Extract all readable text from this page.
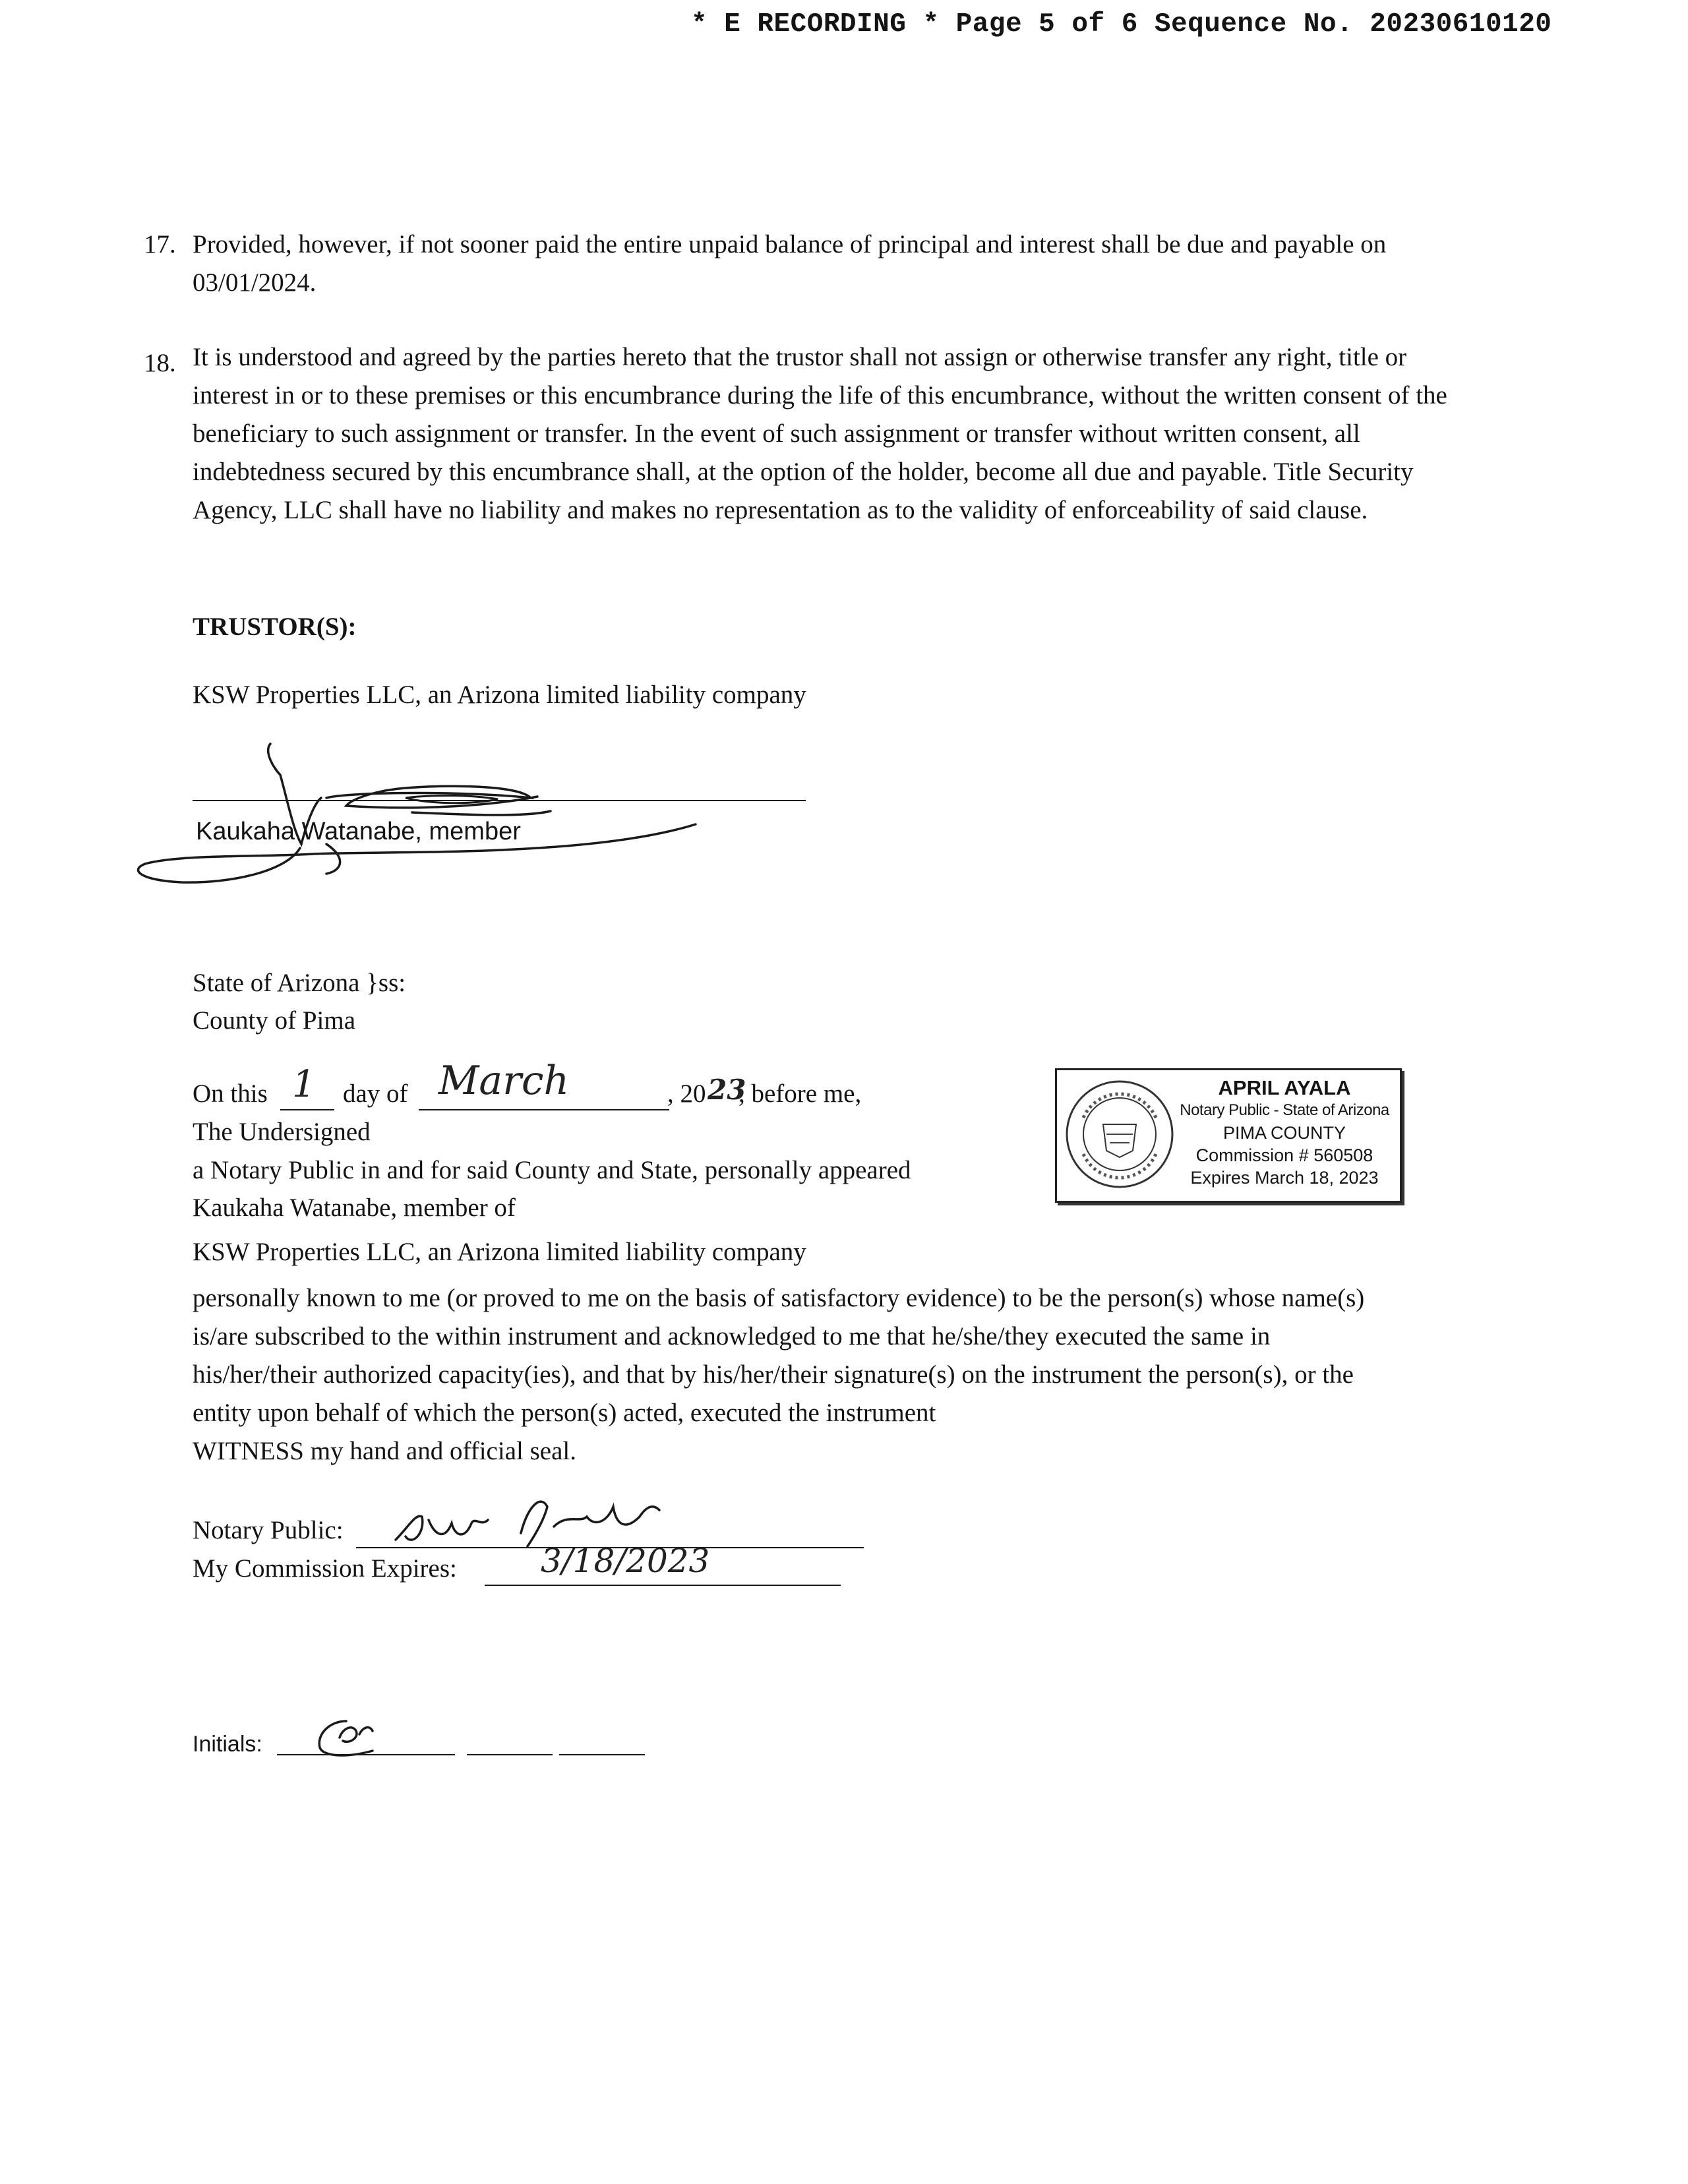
* E RECORDING * Page 5 of 6 Sequence No. 20230610120
17. Provided, however, if not sooner paid the entire unpaid balance of principal and interest shall be due and payable on 03/01/2024.
18. It is understood and agreed by the parties hereto that the trustor shall not assign or otherwise transfer any right, title or interest in or to these premises or this encumbrance during the life of this encumbrance, without the written consent of the beneficiary to such assignment or transfer. In the event of such assignment or transfer without written consent, all indebtedness secured by this encumbrance shall, at the option of the holder, become all due and payable. Title Security Agency, LLC shall have no liability and makes no representation as to the validity of enforceability of said clause.
TRUSTOR(S):
KSW Properties LLC, an Arizona limited liability company
Kaukaha Watanabe, member
State of Arizona }ss:
County of Pima
On this 1 day of March	, 20 23
, before me,
The Undersigned
a Notary Public in and for said County and State, personally appeared
Kaukaha Watanabe, member of
KSW Properties LLC, an Arizona limited liability company
personally known to me (or proved to me on the basis of satisfactory evidence) to be the person(s) whose name(s)
is/are subscribed to the within instrument and acknowledged to me that he/she/they executed the same in
his/her/their authorized capacity(ies), and that by his/her/their signature(s) on the instrument the person(s), or the
entity upon behalf of which the person(s) acted, executed the instrument
WITNESS my hand and official seal.
Notary Public:
My Commission Expires:	3/18/2023
APRIL AYALA
Notary Public - State of Arizona
PIMA COUNTY
Commission # 560508
Expires March 18, 2023
Initials:
